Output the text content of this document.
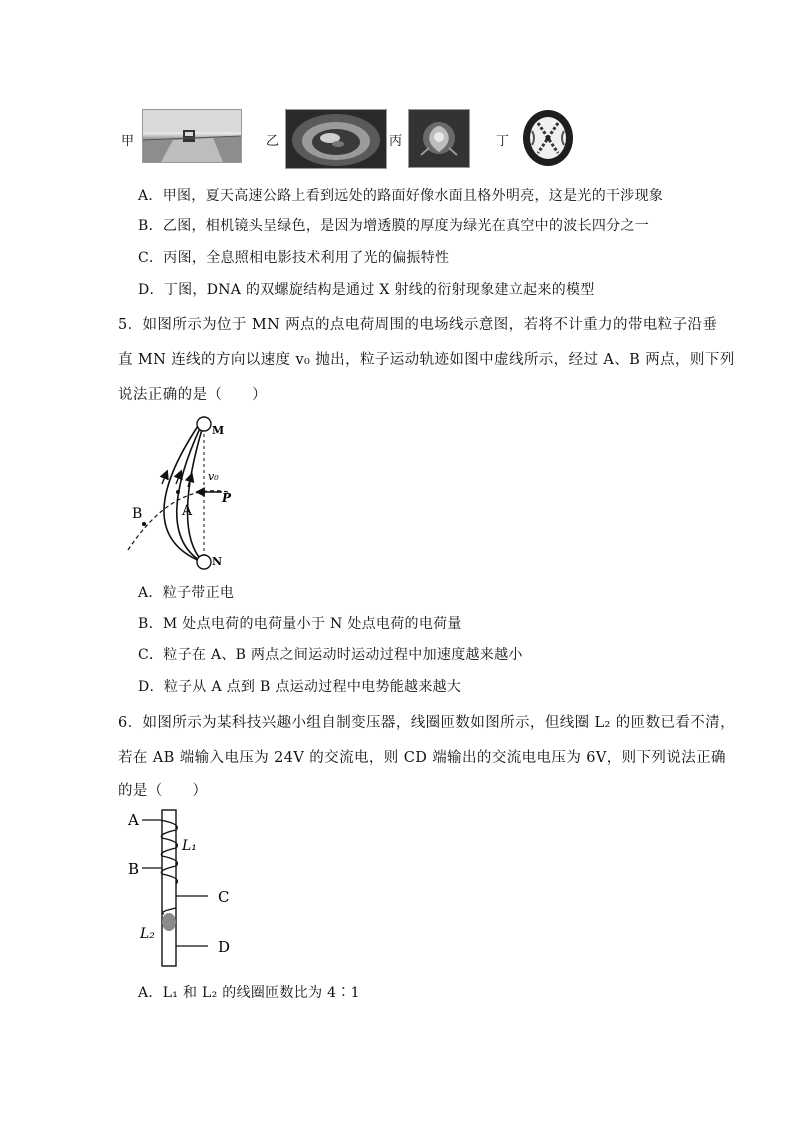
甲	乙	丙	丁
A．甲图，夏天高速公路上看到远处的路面好像水面且格外明亮，这是光的干涉现象
B．乙图，相机镜头呈绿色，是因为增透膜的厚度为绿光在真空中的波长四分之一
C．丙图，全息照相电影技术利用了光的偏振特性
D．丁图，DNA 的双螺旋结构是通过 X 射线的衍射现象建立起来的模型
5．如图所示为位于 MN 两点的点电荷周围的电场线示意图，若将不计重力的带电粒子沿垂
直 MN 连线的方向以速度 v₀ 抛出，粒子运动轨迹如图中虚线所示，经过 A、B 两点，则下列
说法正确的是（　　）
M
N
A
B
P
v₀
A．粒子带正电
B．M 处点电荷的电荷量小于 N 处点电荷的电荷量
C．粒子在 A、B 两点之间运动时运动过程中加速度越来越小
D．粒子从 A 点到 B 点运动过程中电势能越来越大
6．如图所示为某科技兴趣小组自制变压器，线圈匝数如图所示，但线圈 L₂ 的匝数已看不清，
若在 AB 端输入电压为 24V 的交流电，则 CD 端输出的交流电电压为 6V，则下列说法正确
的是（　　）
A
B
C
D
L₁
L₂
A．L₁ 和 L₂ 的线圈匝数比为 4∶1
